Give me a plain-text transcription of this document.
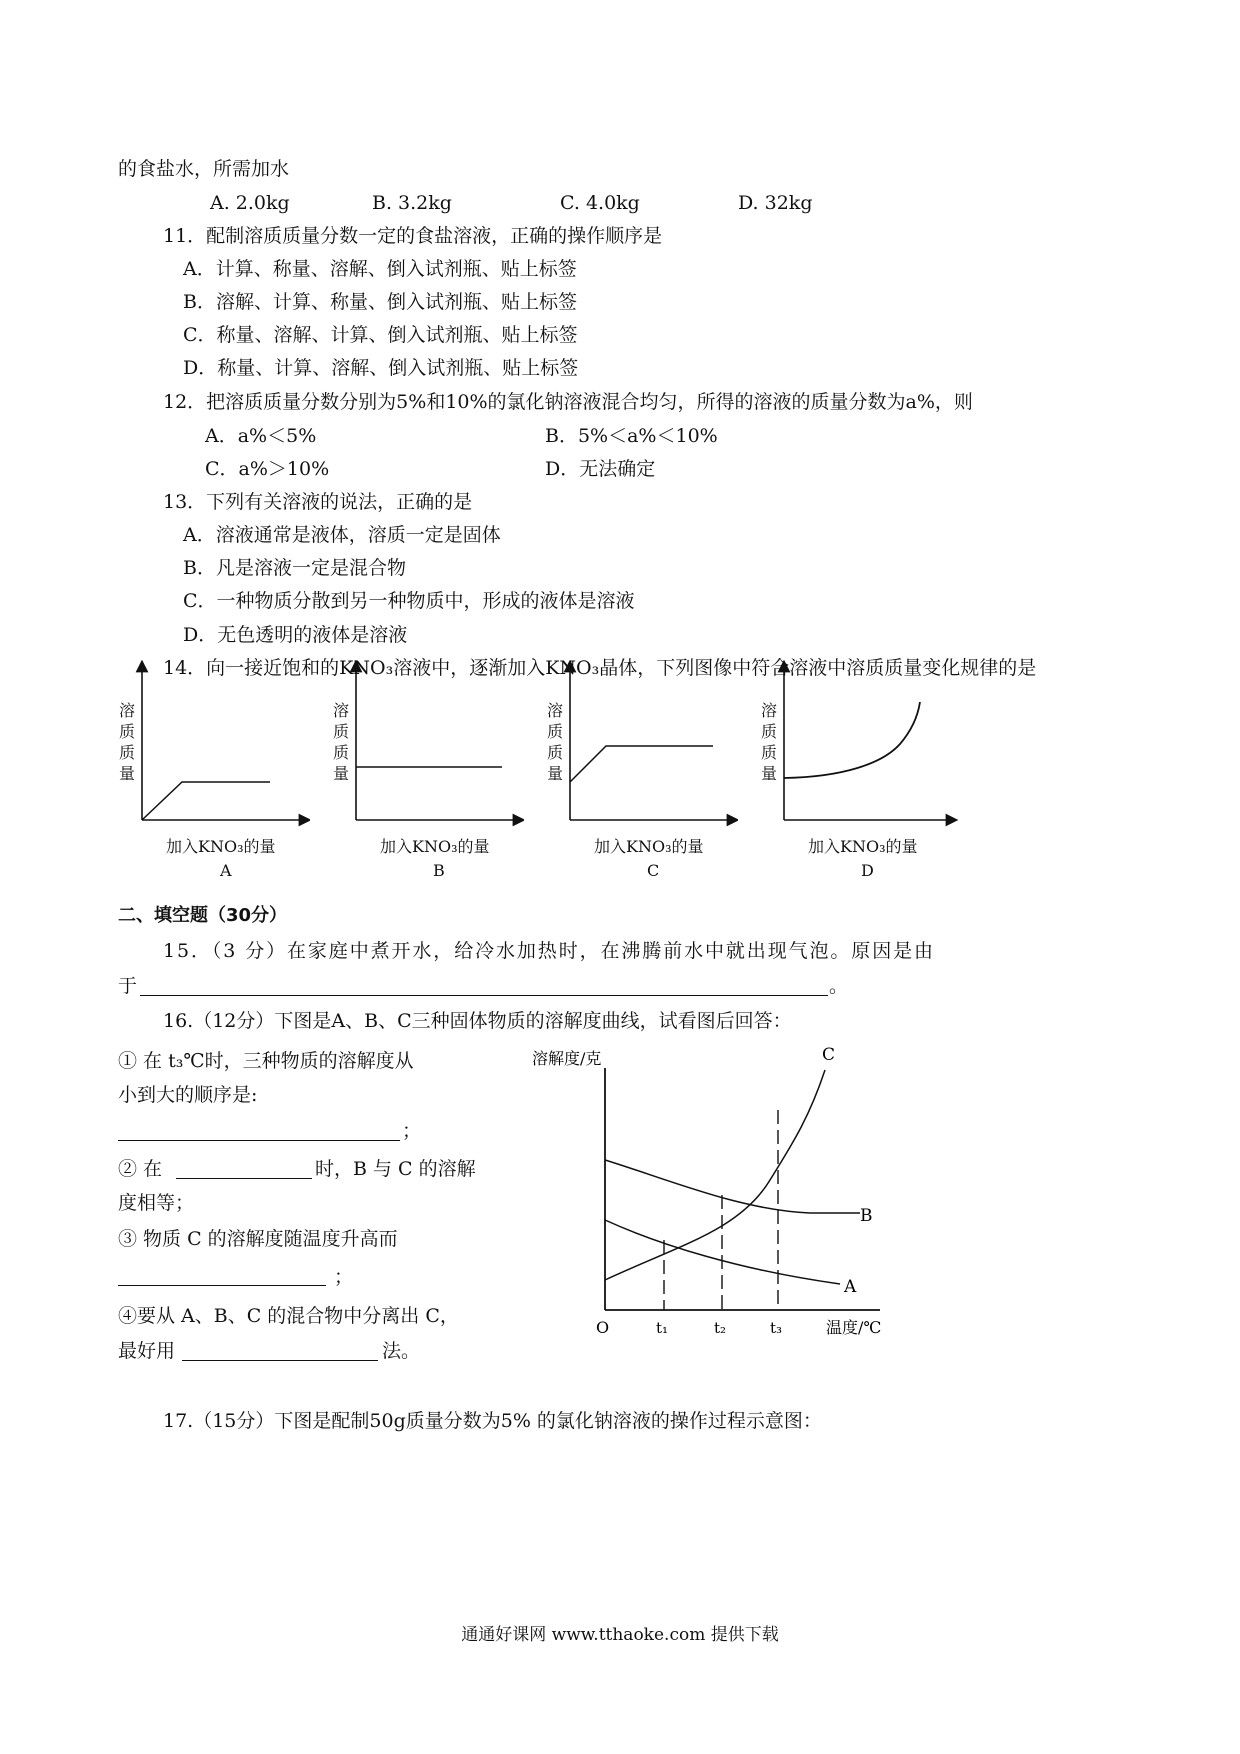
的食盐水，所需加水
A. 2.0kg	B. 3.2kg	C. 4.0kg	D. 32kg
11．配制溶质质量分数一定的食盐溶液，正确的操作顺序是
A．计算、称量、溶解、倒入试剂瓶、贴上标签
B．溶解、计算、称量、倒入试剂瓶、贴上标签
C．称量、溶解、计算、倒入试剂瓶、贴上标签
D．称量、计算、溶解、倒入试剂瓶、贴上标签
12．把溶质质量分数分别为5%和10%的氯化钠溶液混合均匀，所得的溶液的质量分数为a%，则
A．a%＜5%	B．5%＜a%＜10%
C．a%＞10%	D．无法确定
13．下列有关溶液的说法，正确的是
A．溶液通常是液体，溶质一定是固体
B．凡是溶液一定是混合物
C．一种物质分散到另一种物质中，形成的液体是溶液
D．无色透明的液体是溶液
14．向一接近饱和的KNO₃溶液中，逐渐加入KNO₃晶体，下列图像中符合溶液中溶质质量变化规律的是
溶
质
质
量
加入KNO₃的量
A
溶
质
质
量
加入KNO₃的量
B
溶
质
质
量
加入KNO₃的量
C
溶
质
质
量
加入KNO₃的量
D
二、填空题（30分）
15．（3 分）在家庭中煮开水，给冷水加热时，在沸腾前水中就出现气泡。原因是由
于	。
16.（12分）下图是A、B、C三种固体物质的溶解度曲线，试看图后回答：
① 在 t₃℃时，三种物质的溶解度从
小到大的顺序是:
；
② 在	时，B 与 C 的溶解
度相等；
③ 物质 C 的溶解度随温度升高而
；
④要从 A、B、C 的混合物中分离出 C，
最好用	法。
溶解度/克	C
B
A
O	t₁	t₂	t₃	温度/℃
17.（15分）下图是配制50g质量分数为5% 的氯化钠溶液的操作过程示意图：
通通好课网 www.tthaoke.com 提供下载
